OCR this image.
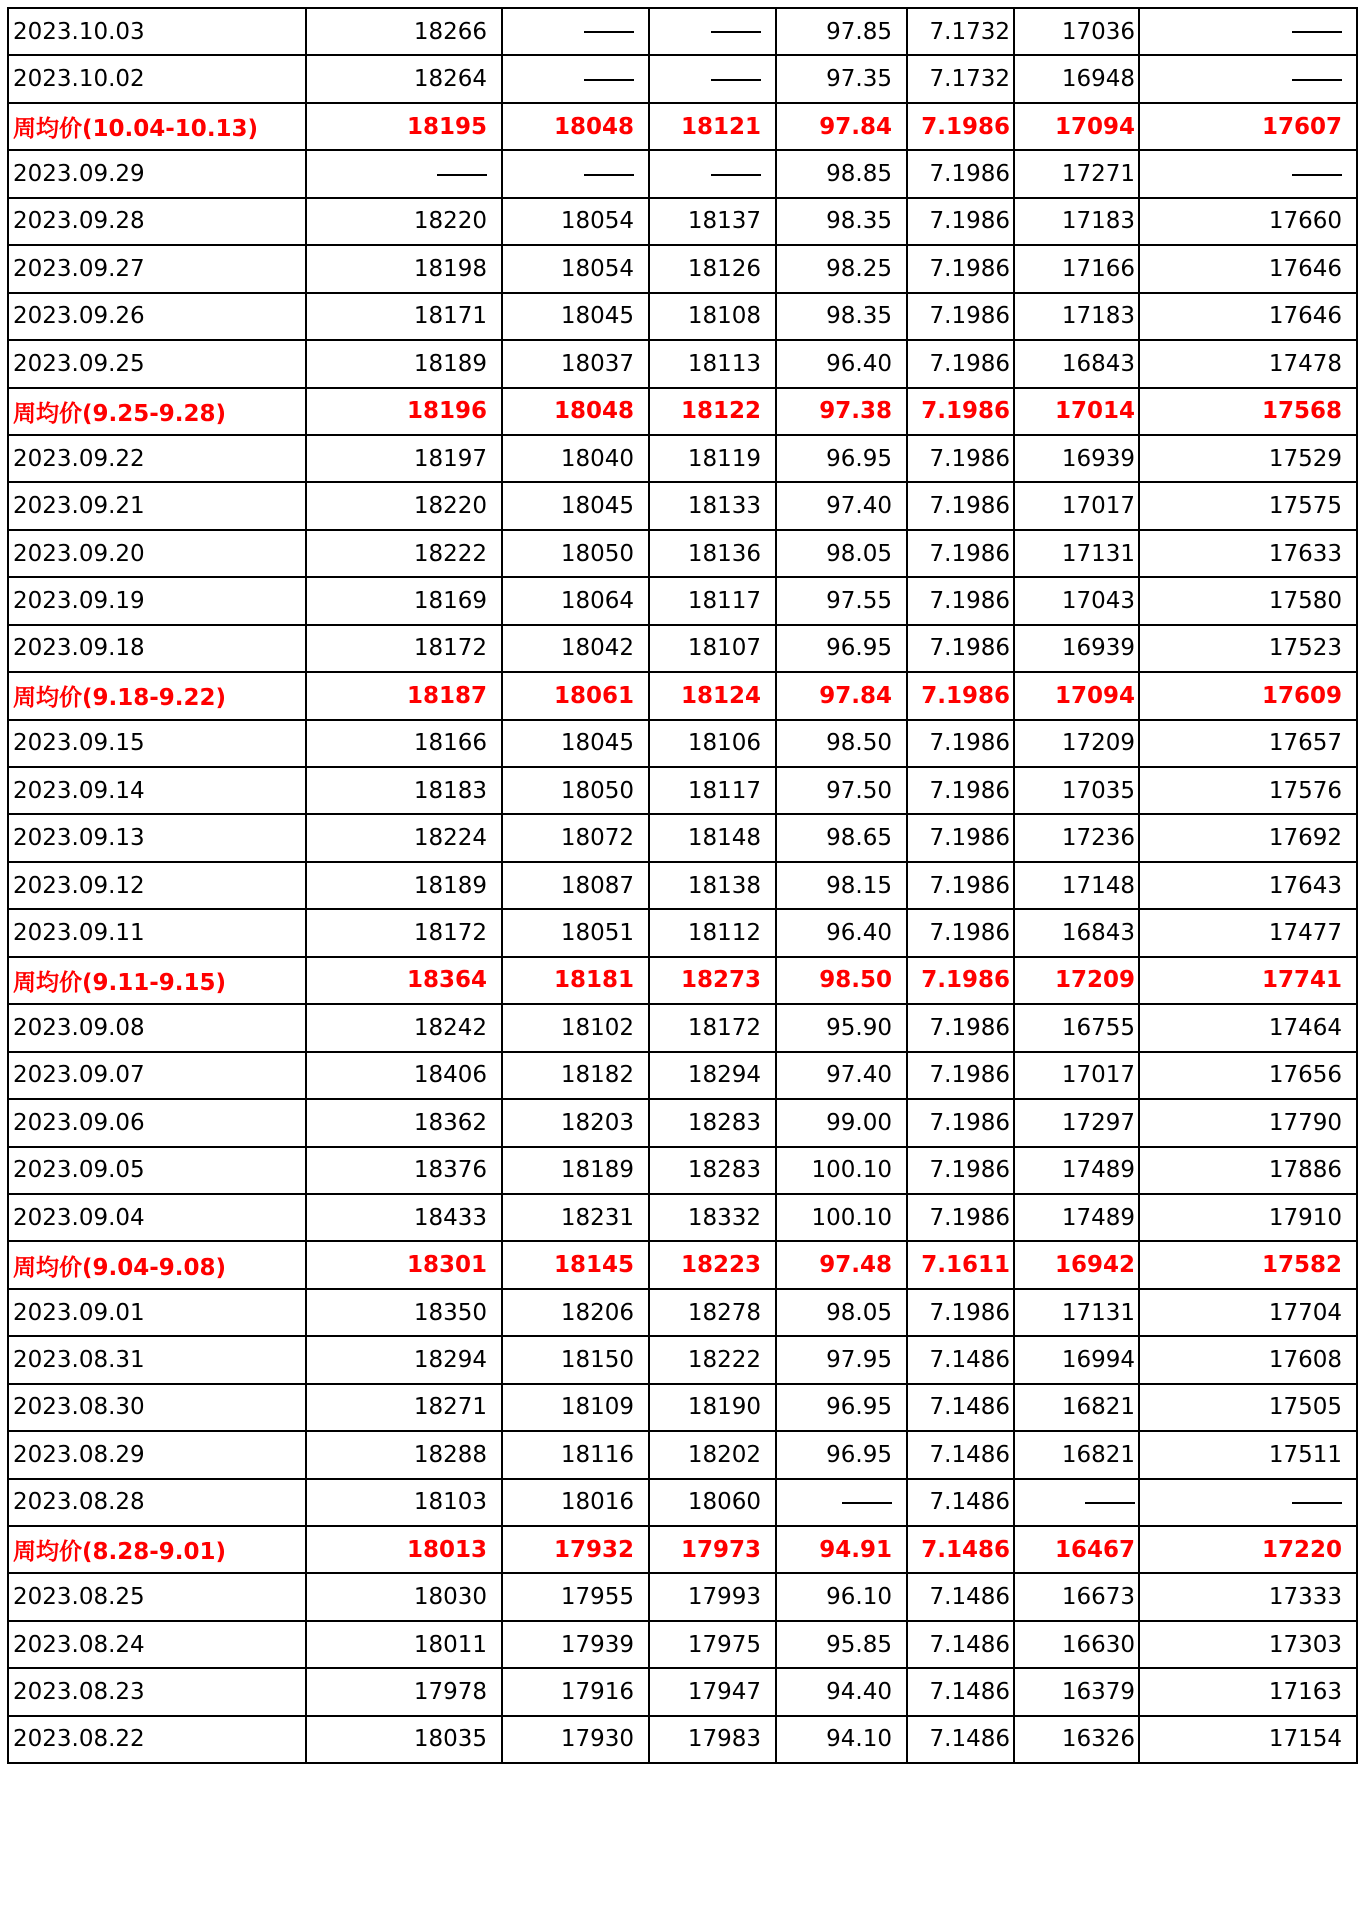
2023.10.03	18266			97.85	7.1732	17036	
2023.10.02	18264			97.35	7.1732	16948	
周均价(10.04-10.13)	18195	18048	18121	97.84	7.1986	17094	17607
2023.09.29				98.85	7.1986	17271	
2023.09.28	18220	18054	18137	98.35	7.1986	17183	17660
2023.09.27	18198	18054	18126	98.25	7.1986	17166	17646
2023.09.26	18171	18045	18108	98.35	7.1986	17183	17646
2023.09.25	18189	18037	18113	96.40	7.1986	16843	17478
周均价(9.25-9.28)	18196	18048	18122	97.38	7.1986	17014	17568
2023.09.22	18197	18040	18119	96.95	7.1986	16939	17529
2023.09.21	18220	18045	18133	97.40	7.1986	17017	17575
2023.09.20	18222	18050	18136	98.05	7.1986	17131	17633
2023.09.19	18169	18064	18117	97.55	7.1986	17043	17580
2023.09.18	18172	18042	18107	96.95	7.1986	16939	17523
周均价(9.18-9.22)	18187	18061	18124	97.84	7.1986	17094	17609
2023.09.15	18166	18045	18106	98.50	7.1986	17209	17657
2023.09.14	18183	18050	18117	97.50	7.1986	17035	17576
2023.09.13	18224	18072	18148	98.65	7.1986	17236	17692
2023.09.12	18189	18087	18138	98.15	7.1986	17148	17643
2023.09.11	18172	18051	18112	96.40	7.1986	16843	17477
周均价(9.11-9.15)	18364	18181	18273	98.50	7.1986	17209	17741
2023.09.08	18242	18102	18172	95.90	7.1986	16755	17464
2023.09.07	18406	18182	18294	97.40	7.1986	17017	17656
2023.09.06	18362	18203	18283	99.00	7.1986	17297	17790
2023.09.05	18376	18189	18283	100.10	7.1986	17489	17886
2023.09.04	18433	18231	18332	100.10	7.1986	17489	17910
周均价(9.04-9.08)	18301	18145	18223	97.48	7.1611	16942	17582
2023.09.01	18350	18206	18278	98.05	7.1986	17131	17704
2023.08.31	18294	18150	18222	97.95	7.1486	16994	17608
2023.08.30	18271	18109	18190	96.95	7.1486	16821	17505
2023.08.29	18288	18116	18202	96.95	7.1486	16821	17511
2023.08.28	18103	18016	18060		7.1486		
周均价(8.28-9.01)	18013	17932	17973	94.91	7.1486	16467	17220
2023.08.25	18030	17955	17993	96.10	7.1486	16673	17333
2023.08.24	18011	17939	17975	95.85	7.1486	16630	17303
2023.08.23	17978	17916	17947	94.40	7.1486	16379	17163
2023.08.22	18035	17930	17983	94.10	7.1486	16326	17154
